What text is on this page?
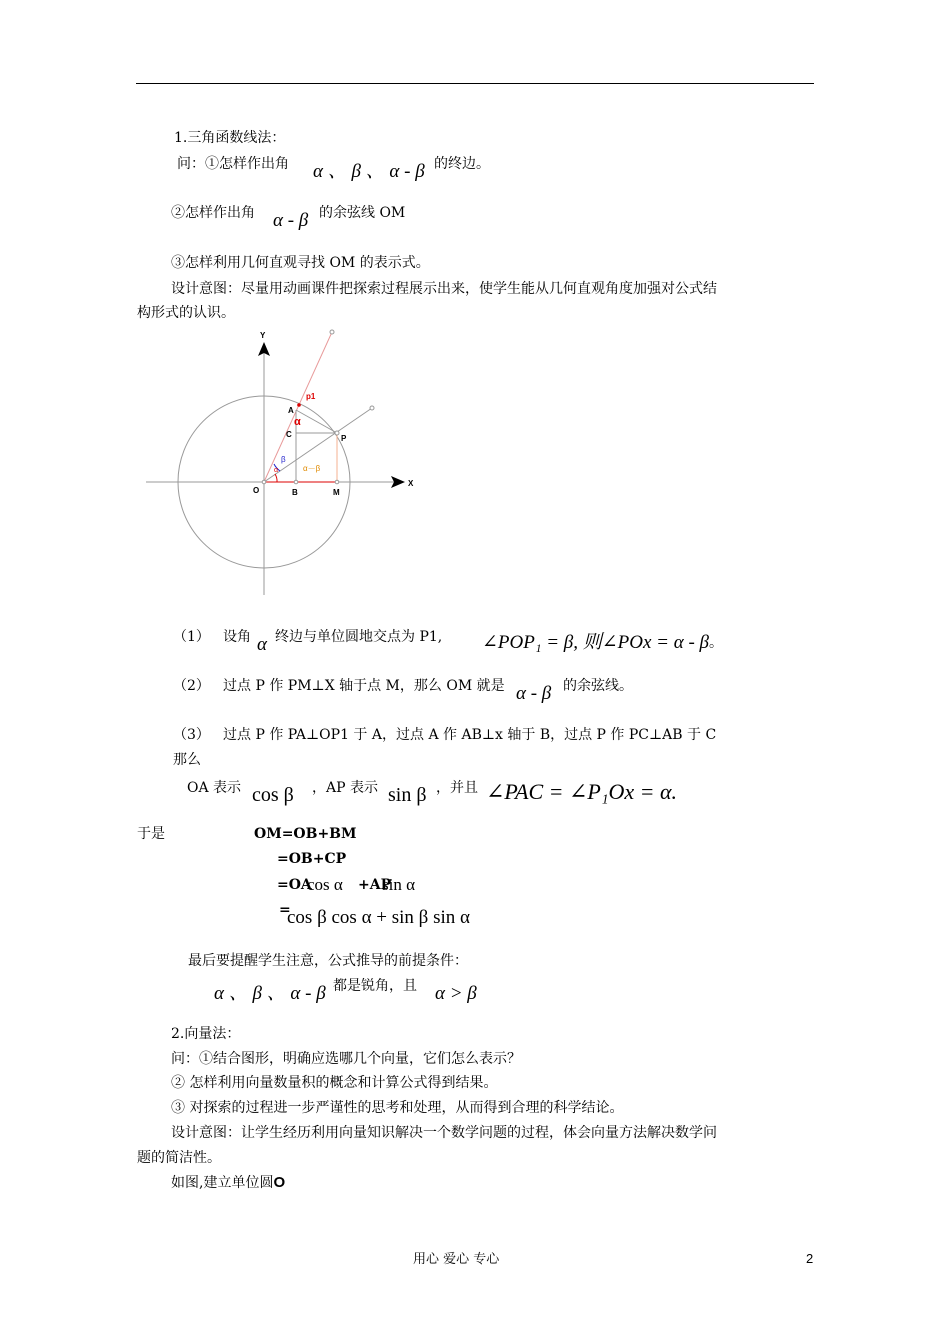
1.三角函数线法：
问：①怎样作出角 α 、 β 、 α - β 的终边。
②怎样作出角 α - β 的余弦线 OM
③怎样利用几何直观寻找 OM 的表示式。
设计意图：尽量用动画课件把探索过程展示出来，使学生能从几何直观角度加强对公式结
构形式的认识。
Y
X
O	B	M
A
C	P
p1
α
β
α	α－β
（1） 设角 α 终边与单位圆地交点为 P1, ∠POP₁ = β, 则∠POx = α - β 。
（2） 过点 P 作 PM⊥X 轴于点 M，那么 OM 就是 α - β 的余弦线。
（3） 过点 P 作 PA⊥OP1 于 A，过点 A 作 AB⊥x 轴于 B，过点 P 作 PC⊥AB 于 C
那么
OA 表示 cos β ，AP 表示 sin β ，并且 ∠PAC = ∠P₁Ox = α.
于是	OM=OB+BM
=OB+CP
=OA
cos α +AP
sin α
=
cos β cos α + sin β sin α
最后要提醒学生注意，公式推导的前提条件：
α 、 β 、 α - β 都是锐角，且 α > β
2.向量法：
问：①结合图形，明确应选哪几个向量，它们怎么表示？
② 怎样利用向量数量积的概念和计算公式得到结果。
③ 对探索的过程进一步严谨性的思考和处理，从而得到合理的科学结论。
设计意图：让学生经历利用向量知识解决一个数学问题的过程，体会向量方法解决数学问
题的简洁性。
如图,建立单位圆O
用心 爱心 专心	2
